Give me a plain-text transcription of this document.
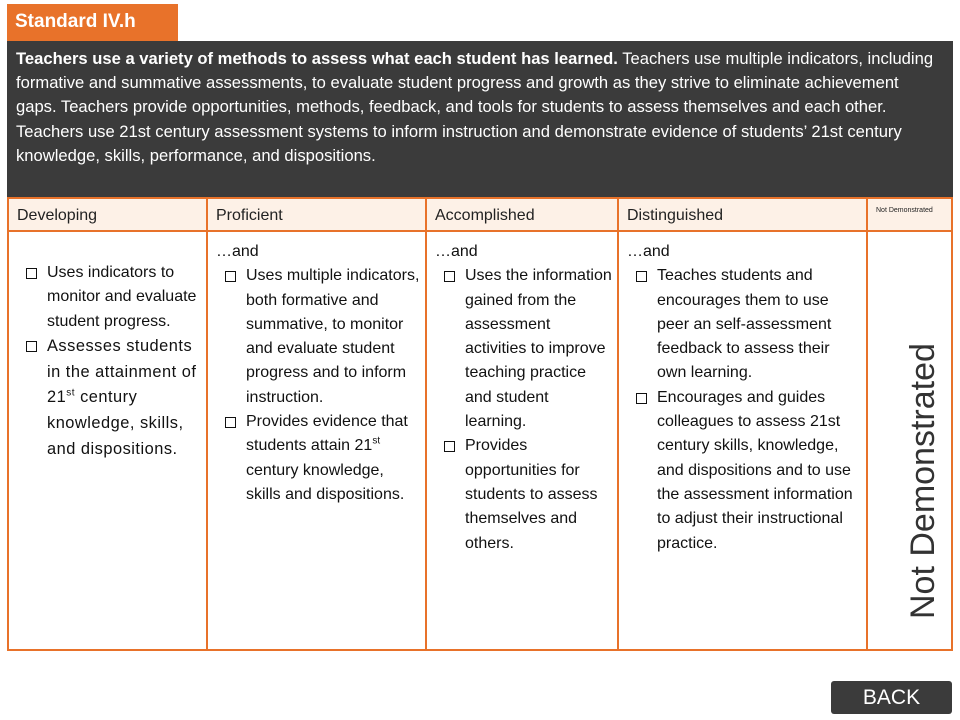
Standard IV.h
Teachers use a variety of methods to assess what each student has learned. Teachers use multiple indicators, including formative and summative assessments, to evaluate student progress and growth as they strive to eliminate achievement gaps. Teachers provide opportunities, methods, feedback, and tools for students to assess themselves and each other. Teachers use 21st century assessment systems to inform instruction and demonstrate evidence of students’ 21st century knowledge, skills, performance, and dispositions.
Developing
Uses indicators to monitor and evaluate student progress.
Assesses students in the attainment of 21st century knowledge, skills, and dispositions.
Proficient
…and
Uses multiple indicators, both formative and summative, to monitor and evaluate student progress and to inform instruction.
Provides evidence that students attain 21st century knowledge, skills and dispositions.
Accomplished
…and
Uses the information gained from the assessment activities to improve teaching practice and student learning.
Provides opportunities for students to assess themselves and others.
Distinguished
…and
Teaches students and encourages them to use peer an self-assessment feedback to assess their own learning.
Encourages and guides colleagues to assess 21st century skills, knowledge, and dispositions and to use the assessment information to adjust their instructional practice.
Not Demonstrated
Not Demonstrated
BACK
